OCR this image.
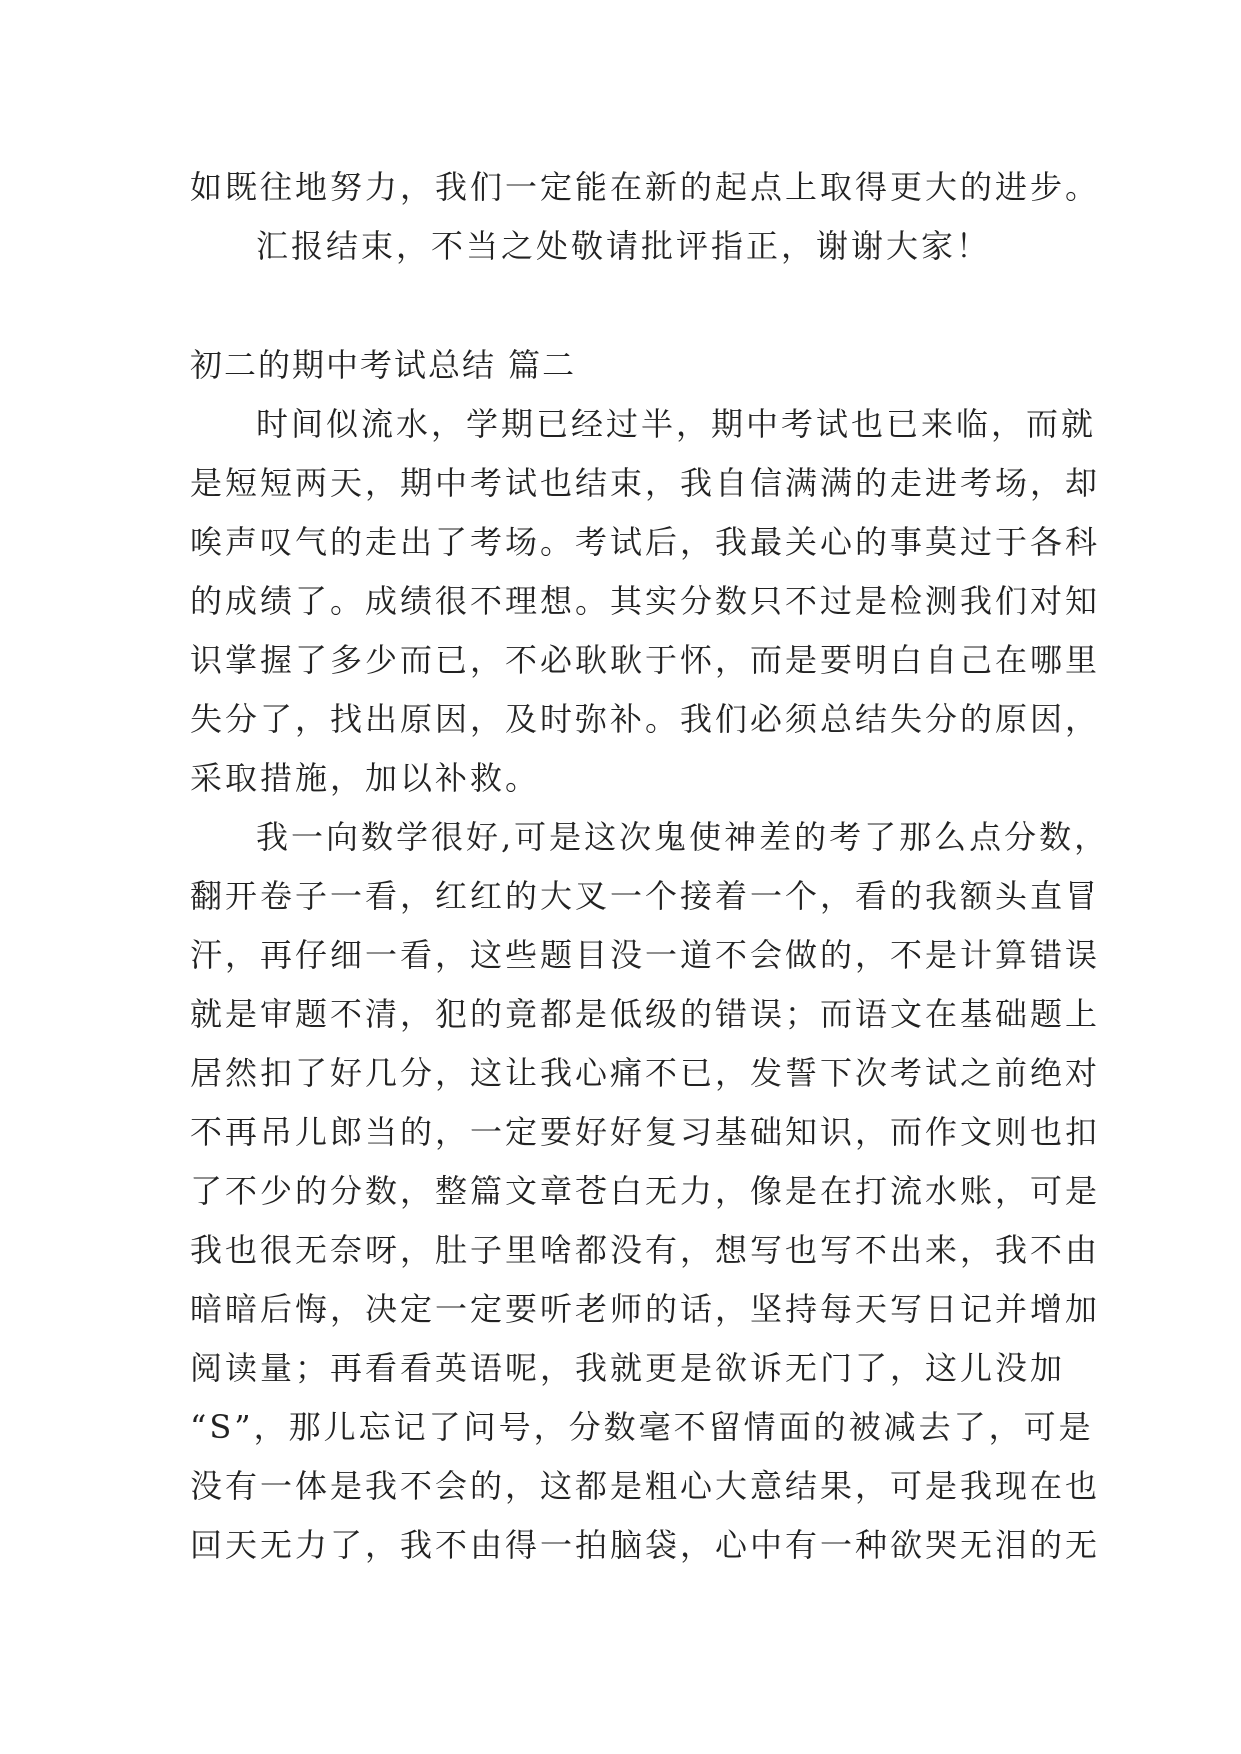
如既往地努力，我们一定能在新的起点上取得更大的进步。
汇报结束，不当之处敬请批评指正，谢谢大家！
初二的期中考试总结 篇二
时间似流水，学期已经过半，期中考试也已来临，而就
是短短两天，期中考试也结束，我自信满满的走进考场，却
唉声叹气的走出了考场。考试后，我最关心的事莫过于各科
的成绩了。成绩很不理想。其实分数只不过是检测我们对知
识掌握了多少而已，不必耿耿于怀，而是要明白自己在哪里
失分了，找出原因，及时弥补。我们必须总结失分的原因，
采取措施，加以补救。
我一向数学很好,可是这次鬼使神差的考了那么点分数，
翻开卷子一看，红红的大叉一个接着一个，看的我额头直冒
汗，再仔细一看，这些题目没一道不会做的，不是计算错误
就是审题不清，犯的竟都是低级的错误；而语文在基础题上
居然扣了好几分，这让我心痛不已，发誓下次考试之前绝对
不再吊儿郎当的，一定要好好复习基础知识，而作文则也扣
了不少的分数，整篇文章苍白无力，像是在打流水账，可是
我也很无奈呀，肚子里啥都没有，想写也写不出来，我不由
暗暗后悔，决定一定要听老师的话，坚持每天写日记并增加
阅读量；再看看英语呢，我就更是欲诉无门了，这儿没加
“S”，那儿忘记了问号，分数毫不留情面的被减去了，可是
没有一体是我不会的，这都是粗心大意结果，可是我现在也
回天无力了，我不由得一拍脑袋，心中有一种欲哭无泪的无
